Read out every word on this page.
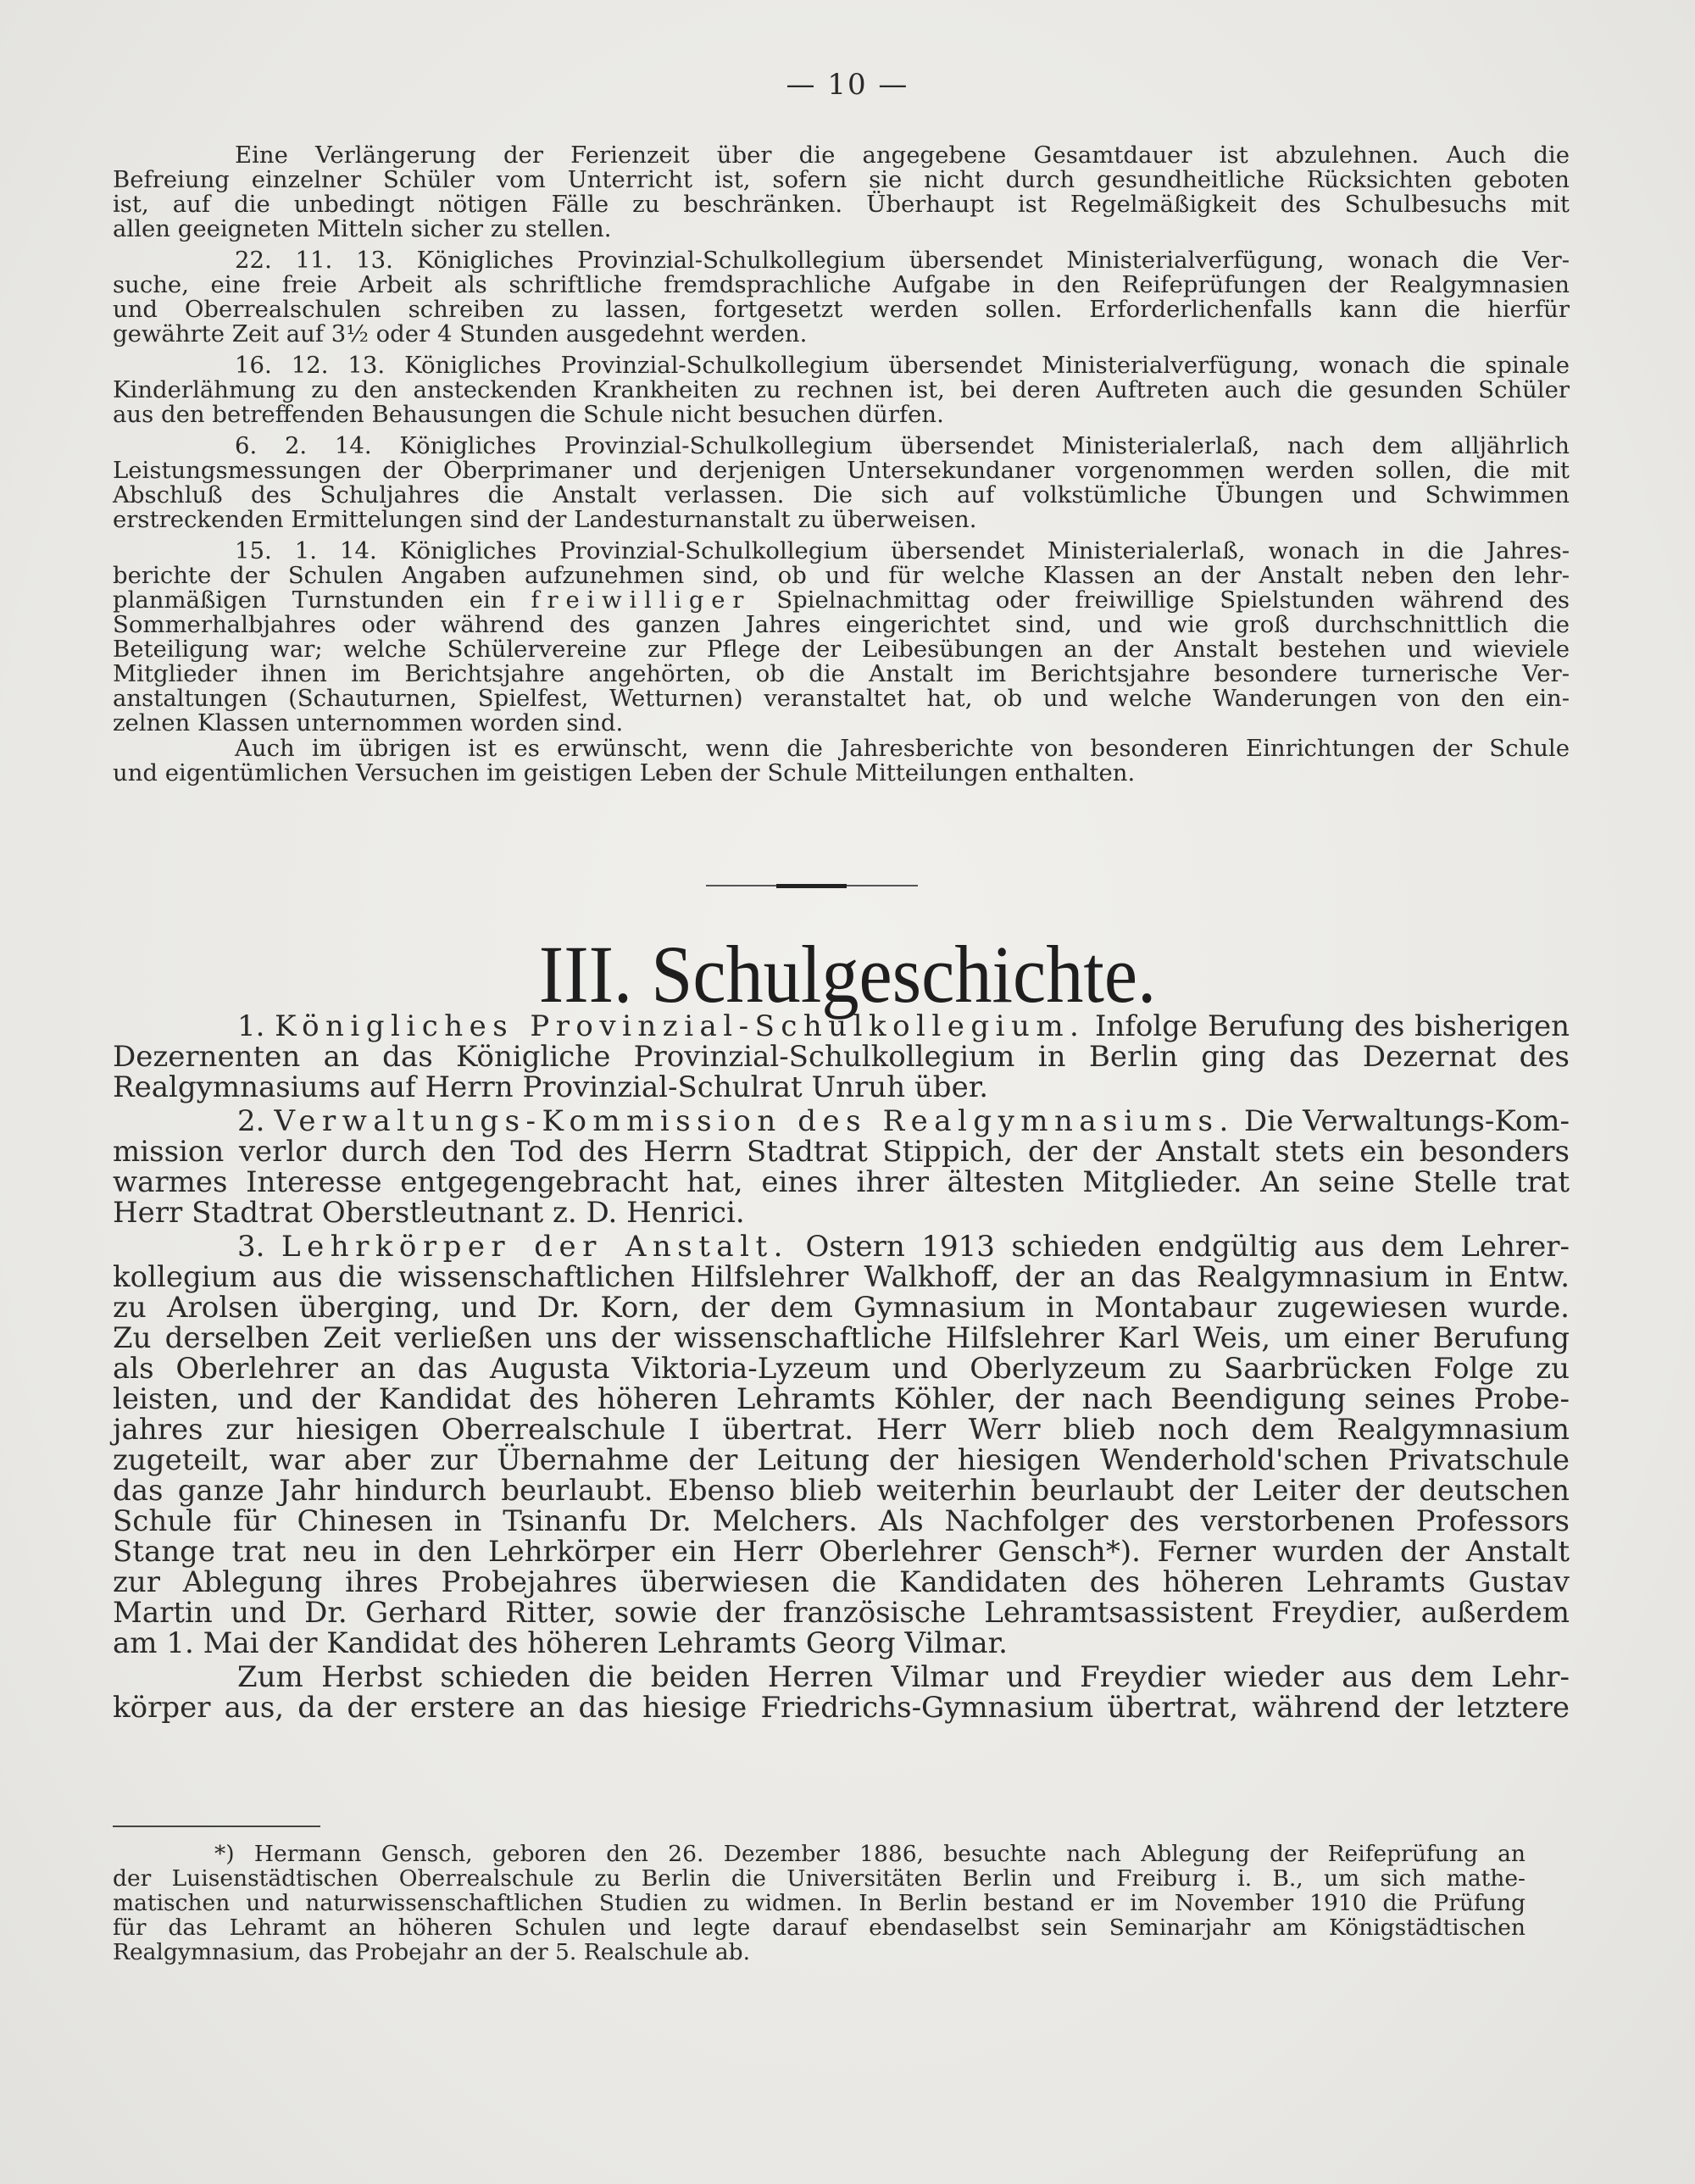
— 10 —
Eine Verlängerung der Ferienzeit über die angegebene Gesamtdauer ist abzulehnen. Auch die
Befreiung einzelner Schüler vom Unterricht ist, sofern sie nicht durch gesundheitliche Rücksichten geboten
ist, auf die unbedingt nötigen Fälle zu beschränken. Überhaupt ist Regelmäßigkeit des Schulbesuchs mit
allen geeigneten Mitteln sicher zu stellen.
22. 11. 13. Königliches Provinzial-Schulkollegium übersendet Ministerialverfügung, wonach die Ver-
suche, eine freie Arbeit als schriftliche fremdsprachliche Aufgabe in den Reifeprüfungen der Realgymnasien
und Oberrealschulen schreiben zu lassen, fortgesetzt werden sollen. Erforderlichenfalls kann die hierfür
gewährte Zeit auf 3½ oder 4 Stunden ausgedehnt werden.
16. 12. 13. Königliches Provinzial-Schulkollegium übersendet Ministerialverfügung, wonach die spinale
Kinderlähmung zu den ansteckenden Krankheiten zu rechnen ist, bei deren Auftreten auch die gesunden Schüler
aus den betreffenden Behausungen die Schule nicht besuchen dürfen.
6. 2. 14. Königliches Provinzial-Schulkollegium übersendet Ministerialerlaß, nach dem alljährlich
Leistungsmessungen der Oberprimaner und derjenigen Untersekundaner vorgenommen werden sollen, die mit
Abschluß des Schuljahres die Anstalt verlassen. Die sich auf volkstümliche Übungen und Schwimmen
erstreckenden Ermittelungen sind der Landesturnanstalt zu überweisen.
15. 1. 14. Königliches Provinzial-Schulkollegium übersendet Ministerialerlaß, wonach in die Jahres-
berichte der Schulen Angaben aufzunehmen sind, ob und für welche Klassen an der Anstalt neben den lehr-
planmäßigen Turnstunden ein freiwilliger Spielnachmittag oder freiwillige Spielstunden während des
Sommerhalbjahres oder während des ganzen Jahres eingerichtet sind, und wie groß durchschnittlich die
Beteiligung war; welche Schülervereine zur Pflege der Leibesübungen an der Anstalt bestehen und wieviele
Mitglieder ihnen im Berichtsjahre angehörten, ob die Anstalt im Berichtsjahre besondere turnerische Ver-
anstaltungen (Schauturnen, Spielfest, Wetturnen) veranstaltet hat, ob und welche Wanderungen von den ein-
zelnen Klassen unternommen worden sind.
Auch im übrigen ist es erwünscht, wenn die Jahresberichte von besonderen Einrichtungen der Schule
und eigentümlichen Versuchen im geistigen Leben der Schule Mitteilungen enthalten.
III. Schulgeschichte.
1. Königliches Provinzial-Schulkollegium. Infolge Berufung des bisherigen
Dezernenten an das Königliche Provinzial-Schulkollegium in Berlin ging das Dezernat des
Realgymnasiums auf Herrn Provinzial-Schulrat Unruh über.
2. Verwaltungs-Kommission des Realgymnasiums. Die Verwaltungs-Kom-
mission verlor durch den Tod des Herrn Stadtrat Stippich, der der Anstalt stets ein besonders
warmes Interesse entgegengebracht hat, eines ihrer ältesten Mitglieder. An seine Stelle trat
Herr Stadtrat Oberstleutnant z. D. Henrici.
3. Lehrkörper der Anstalt. Ostern 1913 schieden endgültig aus dem Lehrer-
kollegium aus die wissenschaftlichen Hilfslehrer Walkhoff, der an das Realgymnasium in Entw.
zu Arolsen überging, und Dr. Korn, der dem Gymnasium in Montabaur zugewiesen wurde.
Zu derselben Zeit verließen uns der wissenschaftliche Hilfslehrer Karl Weis, um einer Berufung
als Oberlehrer an das Augusta Viktoria-Lyzeum und Oberlyzeum zu Saarbrücken Folge zu
leisten, und der Kandidat des höheren Lehramts Köhler, der nach Beendigung seines Probe-
jahres zur hiesigen Oberrealschule I übertrat. Herr Werr blieb noch dem Realgymnasium
zugeteilt, war aber zur Übernahme der Leitung der hiesigen Wenderhold'schen Privatschule
das ganze Jahr hindurch beurlaubt. Ebenso blieb weiterhin beurlaubt der Leiter der deutschen
Schule für Chinesen in Tsinanfu Dr. Melchers. Als Nachfolger des verstorbenen Professors
Stange trat neu in den Lehrkörper ein Herr Oberlehrer Gensch*). Ferner wurden der Anstalt
zur Ablegung ihres Probejahres überwiesen die Kandidaten des höheren Lehramts Gustav
Martin und Dr. Gerhard Ritter, sowie der französische Lehramtsassistent Freydier, außerdem
am 1. Mai der Kandidat des höheren Lehramts Georg Vilmar.
Zum Herbst schieden die beiden Herren Vilmar und Freydier wieder aus dem Lehr-
körper aus, da der erstere an das hiesige Friedrichs-Gymnasium übertrat, während der letztere
*) Hermann Gensch, geboren den 26. Dezember 1886, besuchte nach Ablegung der Reifeprüfung an
der Luisenstädtischen Oberrealschule zu Berlin die Universitäten Berlin und Freiburg i. B., um sich mathe-
matischen und naturwissenschaftlichen Studien zu widmen. In Berlin bestand er im November 1910 die Prüfung
für das Lehramt an höheren Schulen und legte darauf ebendaselbst sein Seminarjahr am Königstädtischen
Realgymnasium, das Probejahr an der 5. Realschule ab.
